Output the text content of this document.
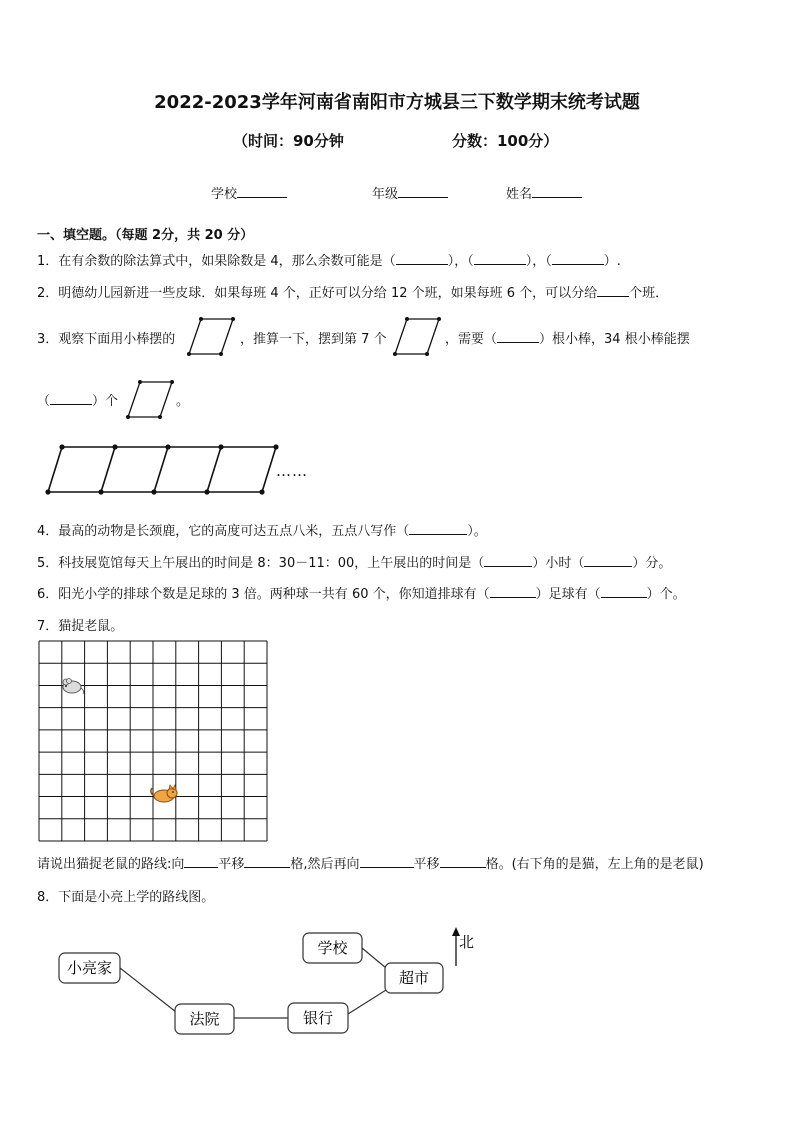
2022-2023学年河南省南阳市方城县三下数学期末统考试题
（时间：90分钟	分数：100分）
学校	年级	姓名
一、填空题。（每题 2分，共 20 分）
1．在有余数的除法算式中，如果除数是 4，那么余数可能是（	），（	），（	）.
2．明德幼儿园新进一些皮球．如果每班 4 个，正好可以分给 12 个班，如果每班 6 个，可以分给 个班．
3．观察下面用小棒摆的	，推算一下，摆到第 7 个	，需要（	）根小棒，34 根小棒能摆
（	）个	。
……
4．最高的动物是长颈鹿，它的高度可达五点八米，五点八写作（	）。
5．科技展览馆每天上午展出的时间是 8：30－11：00，上午展出的时间是（	）小时（	）分。
6．阳光小学的排球个数是足球的 3 倍。两种球一共有 60 个，你知道排球有（	）足球有（	）个。
7．猫捉老鼠。
请说出猫捉老鼠的路线:向	平移	格,然后再向	平移	格。(右下角的是猫，左上角的是老鼠)
8．下面是小亮上学的路线图。
小亮家
法院	银行
学校
超市
北
